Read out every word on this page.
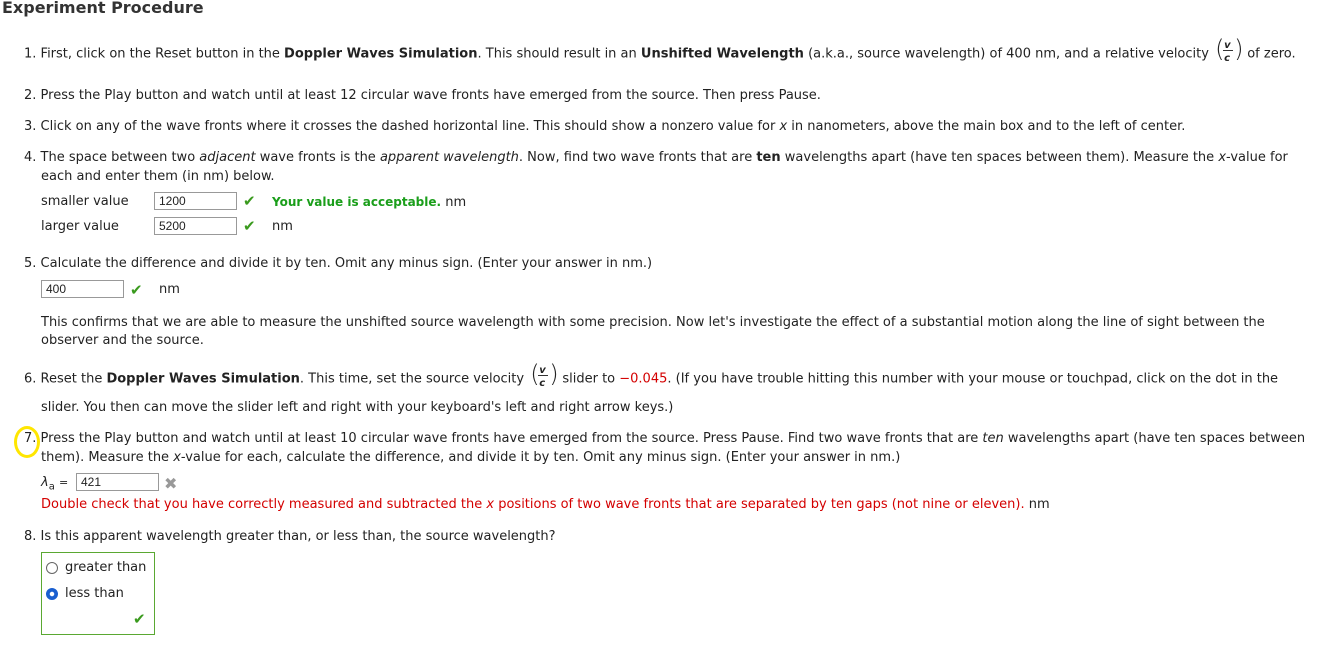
Experiment Procedure
1. First, click on the Reset button in the Doppler Waves Simulation. This should result in an Unshifted Wavelength (a.k.a., source wavelength) of 400 nm, and a relative velocity ( v
c ) of zero.
2. Press the Play button and watch until at least 12 circular wave fronts have emerged from the source. Then press Pause.
3. Click on any of the wave fronts where it crosses the dashed horizontal line. This should show a nonzero value for x in nanometers, above the main box and to the left of center.
4. The space between two adjacent wave fronts is the apparent wavelength. Now, find two wave fronts that are ten wavelengths apart (have ten spaces between them). Measure the x-value for
each and enter them (in nm) below.
smaller value	1200	✔ Your value is acceptable. nm
larger value	5200	✔ nm
5. Calculate the difference and divide it by ten. Omit any minus sign. (Enter your answer in nm.)
400	✔ nm
This confirms that we are able to measure the unshifted source wavelength with some precision. Now let's investigate the effect of a substantial motion along the line of sight between the
observer and the source.
6. Reset the Doppler Waves Simulation. This time, set the source velocity ( v
c ) slider to −0.045. (If you have trouble hitting this number with your mouse or touchpad, click on the dot in the
slider. You then can move the slider left and right with your keyboard's left and right arrow keys.)
7. Press the Play button and watch until at least 10 circular wave fronts have emerged from the source. Press Pause. Find two wave fronts that are ten wavelengths apart (have ten spaces between
them). Measure the x-value for each, calculate the difference, and divide it by ten. Omit any minus sign. (Enter your answer in nm.)
$\lambda_a$ =	421	✖
Double check that you have correctly measured and subtracted the x positions of two wave fronts that are separated by ten gaps (not nine or eleven). nm
8. Is this apparent wavelength greater than, or less than, the source wavelength?
greater than
less than
✔
